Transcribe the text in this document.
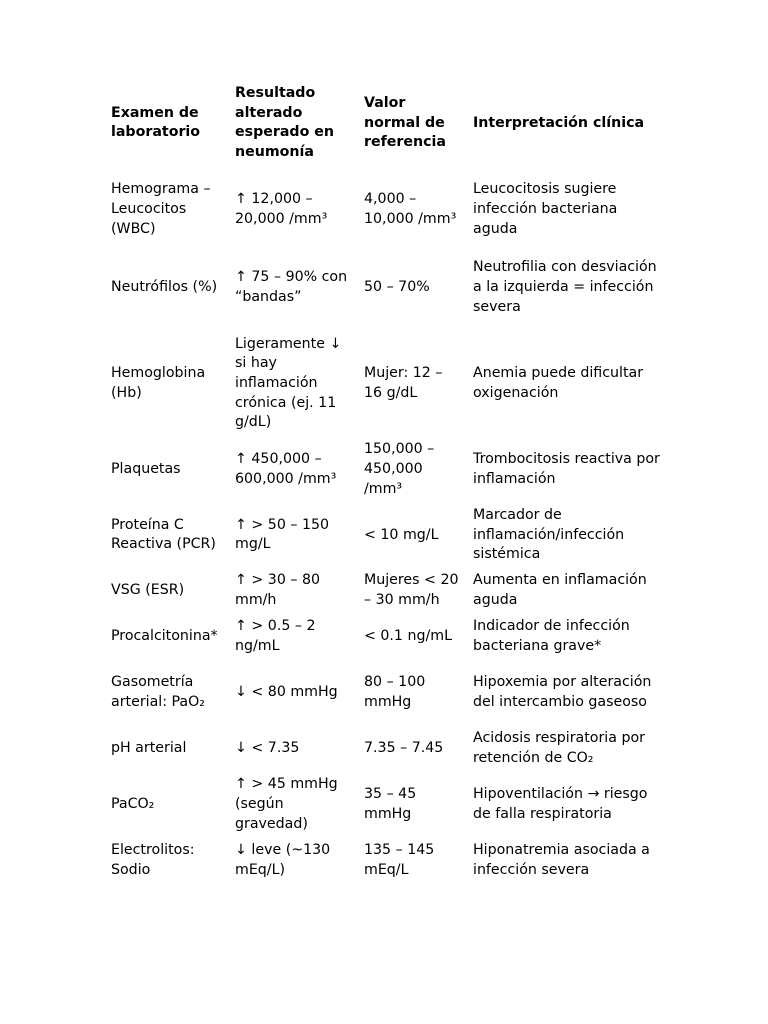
Examen de laboratorio	Resultado alterado esperado en neumonía	Valor normal de referencia	Interpretación clínica
Hemograma – Leucocitos (WBC)	↑ 12,000 – 20,000 /mm³	4,000 – 10,000 /mm³	Leucocitosis sugiere infección bacteriana aguda
Neutrófilos (%)	↑ 75 – 90% con “bandas”	50 – 70%	Neutrofilia con desviación a la izquierda = infección severa
Hemoglobina (Hb)	Ligeramente ↓ si hay inflamación crónica (ej. 11 g/dL)	Mujer: 12 – 16 g/dL	Anemia puede dificultar oxigenación
Plaquetas	↑ 450,000 – 600,000 /mm³	150,000 – 450,000 /mm³	Trombocitosis reactiva por inflamación
Proteína C Reactiva (PCR)	↑ > 50 – 150 mg/L	< 10 mg/L	Marcador de inflamación/infección sistémica
VSG (ESR)	↑ > 30 – 80 mm/h	Mujeres < 20 – 30 mm/h	Aumenta en inflamación aguda
Procalcitonina*	↑ > 0.5 – 2 ng/mL	< 0.1 ng/mL	Indicador de infección bacteriana grave*
Gasometría arterial: PaO₂	↓ < 80 mmHg	80 – 100 mmHg	Hipoxemia por alteración del intercambio gaseoso
pH arterial	↓ < 7.35	7.35 – 7.45	Acidosis respiratoria por retención de CO₂
PaCO₂	↑ > 45 mmHg (según gravedad)	35 – 45 mmHg	Hipoventilación → riesgo de falla respiratoria
Electrolitos: Sodio	↓ leve (~130 mEq/L)	135 – 145 mEq/L	Hiponatremia asociada a infección severa
